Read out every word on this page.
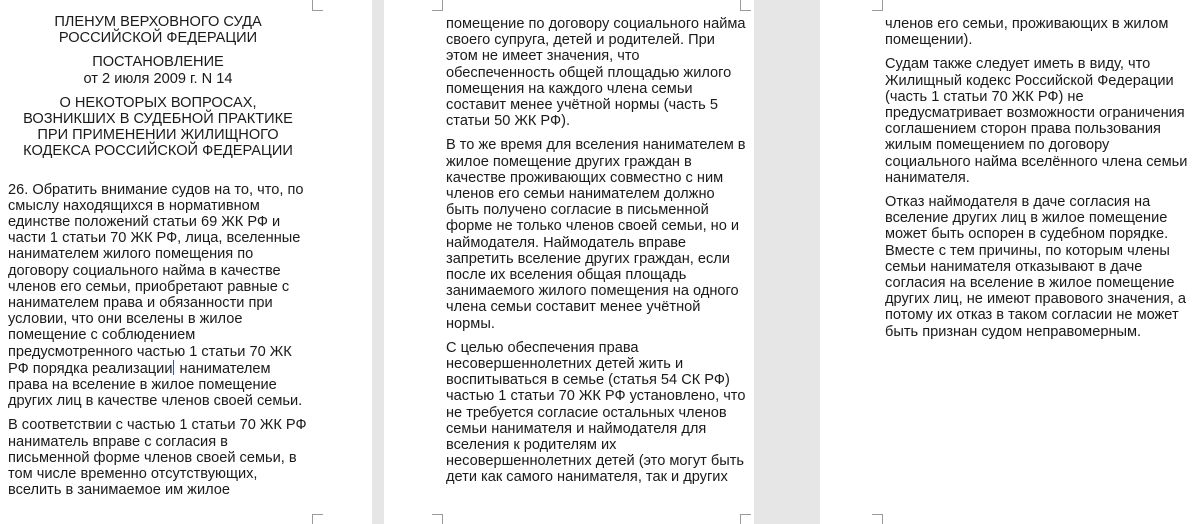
ПЛЕНУМ ВЕРХОВНОГО СУДА
РОССИЙСКОЙ ФЕДЕРАЦИИ
ПОСТАНОВЛЕНИЕ
от 2 июля 2009 г. N 14
О НЕКОТОРЫХ ВОПРОСАХ,
ВОЗНИКШИХ В СУДЕБНОЙ ПРАКТИКЕ
ПРИ ПРИМЕНЕНИИ ЖИЛИЩНОГО
КОДЕКСА РОССИЙСКОЙ ФЕДЕРАЦИИ

26. Обратить внимание судов на то, что, по смыслу находящихся в нормативном единстве положений статьи 69 ЖК РФ и части 1 статьи 70 ЖК РФ, лица, вселенные нанимателем жилого помещения по договору социального найма в качестве членов его семьи, приобретают равные с нанимателем права и обязанности при условии, что они вселены в жилое помещение с соблюдением предусмотренного частью 1 статьи 70 ЖК РФ порядка реализации нанимателем права на вселение в жилое помещение других лиц в качестве членов своей семьи.

В соответствии с частью 1 статьи 70 ЖК РФ наниматель вправе с согласия в письменной форме членов своей семьи, в том числе временно отсутствующих, вселить в занимаемое им жилое

помещение по договору социального найма своего супруга, детей и родителей. При этом не имеет значения, что обеспеченность общей площадью жилого помещения на каждого члена семьи составит менее учётной нормы (часть 5 статьи 50 ЖК РФ).

В то же время для вселения нанимателем в жилое помещение других граждан в качестве проживающих совместно с ним членов его семьи нанимателем должно быть получено согласие в письменной форме не только членов своей семьи, но и наймодателя. Наймодатель вправе запретить вселение других граждан, если после их вселения общая площадь занимаемого жилого помещения на одного члена семьи составит менее учётной нормы.

С целью обеспечения права несовершеннолетних детей жить и воспитываться в семье (статья 54 СК РФ) частью 1 статьи 70 ЖК РФ установлено, что не требуется согласие остальных членов семьи нанимателя и наймодателя для вселения к родителям их несовершеннолетних детей (это могут быть дети как самого нанимателя, так и других

членов его семьи, проживающих в жилом помещении).

Судам также следует иметь в виду, что Жилищный кодекс Российской Федерации (часть 1 статьи 70 ЖК РФ) не предусматривает возможности ограничения соглашением сторон права пользования жилым помещением по договору социального найма вселённого члена семьи нанимателя.

Отказ наймодателя в даче согласия на вселение других лиц в жилое помещение может быть оспорен в судебном порядке. Вместе с тем причины, по которым члены семьи нанимателя отказывают в даче согласия на вселение в жилое помещение других лиц, не имеют правового значения, а потому их отказ в таком согласии не может быть признан судом неправомерным.
